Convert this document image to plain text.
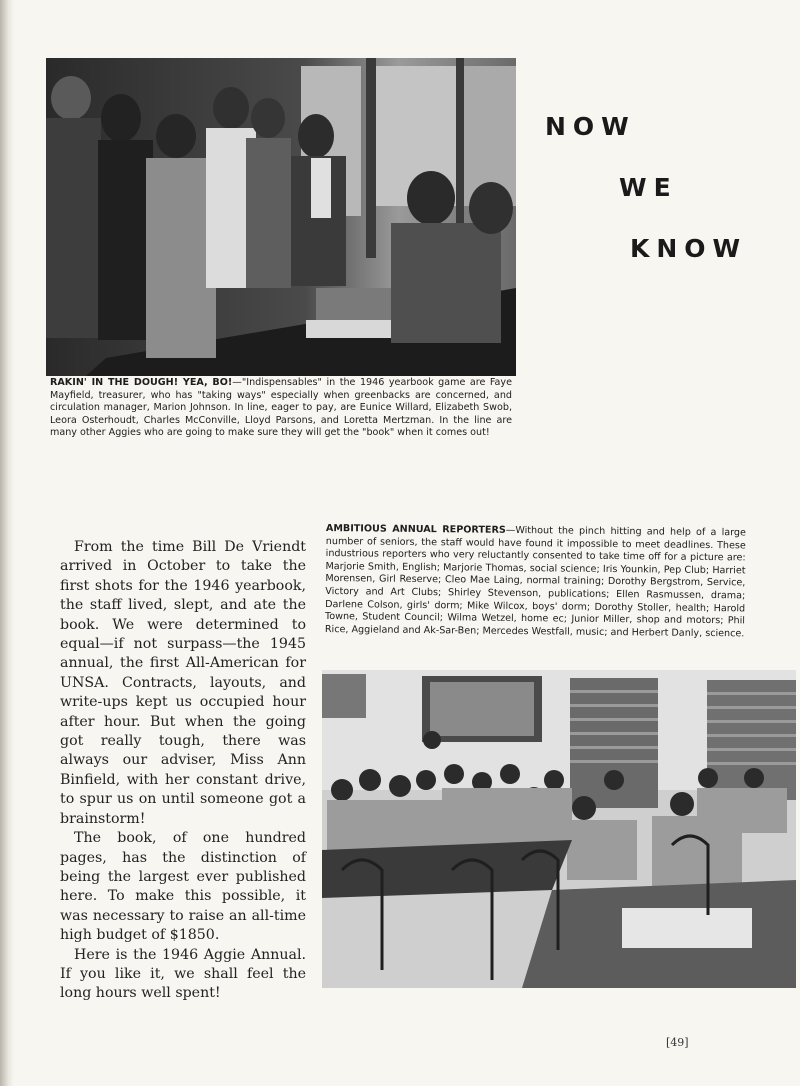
NOW
WE
KNOW
RAKIN' IN THE DOUGH! YEA, BO!—"Indispensables" in the 1946 yearbook game are Faye Mayfield, treasurer, who has "taking ways" especially when greenbacks are concerned, and circulation manager, Marion Johnson. In line, eager to pay, are Eunice Willard, Elizabeth Swob, Leora Osterhoudt, Charles McConville, Lloyd Parsons, and Loretta Mertzman. In the line are many other Aggies who are going to make sure they will get the "book" when it comes out!
AMBITIOUS ANNUAL REPORTERS—Without the pinch hitting and help of a large number of seniors, the staff would have found it impossible to meet deadlines. These industrious reporters who very reluctantly consented to take time off for a picture are: Marjorie Smith, English; Marjorie Thomas, social science; Iris Younkin, Pep Club; Harriet Morensen, Girl Reserve; Cleo Mae Laing, normal training; Dorothy Bergstrom, Service, Victory and Art Clubs; Shirley Stevenson, publications; Ellen Rasmussen, drama; Darlene Colson, girls' dorm; Mike Wilcox, boys' dorm; Dorothy Stoller, health; Harold Towne, Student Council; Wilma Wetzel, home ec; Junior Miller, shop and motors; Phil Rice, Aggieland and Ak-Sar-Ben; Mercedes Westfall, music; and Herbert Danly, science.

From the time Bill De Vriendt arrived in October to take the first shots for the 1946 yearbook, the staff lived, slept, and ate the book. We were determined to equal—if not surpass—the 1945 annual, the first All-American for UNSA. Contracts, layouts, and write-ups kept us occupied hour after hour. But when the going got really tough, there was always our adviser, Miss Ann Binfield, with her constant drive, to spur us on until someone got a brainstorm!

The book, of one hundred pages, has the distinction of being the largest ever published here. To make this possible, it was necessary to raise an all-time high budget of $1850.

Here is the 1946 Aggie Annual. If you like it, we shall feel the long hours well spent!

[49]
